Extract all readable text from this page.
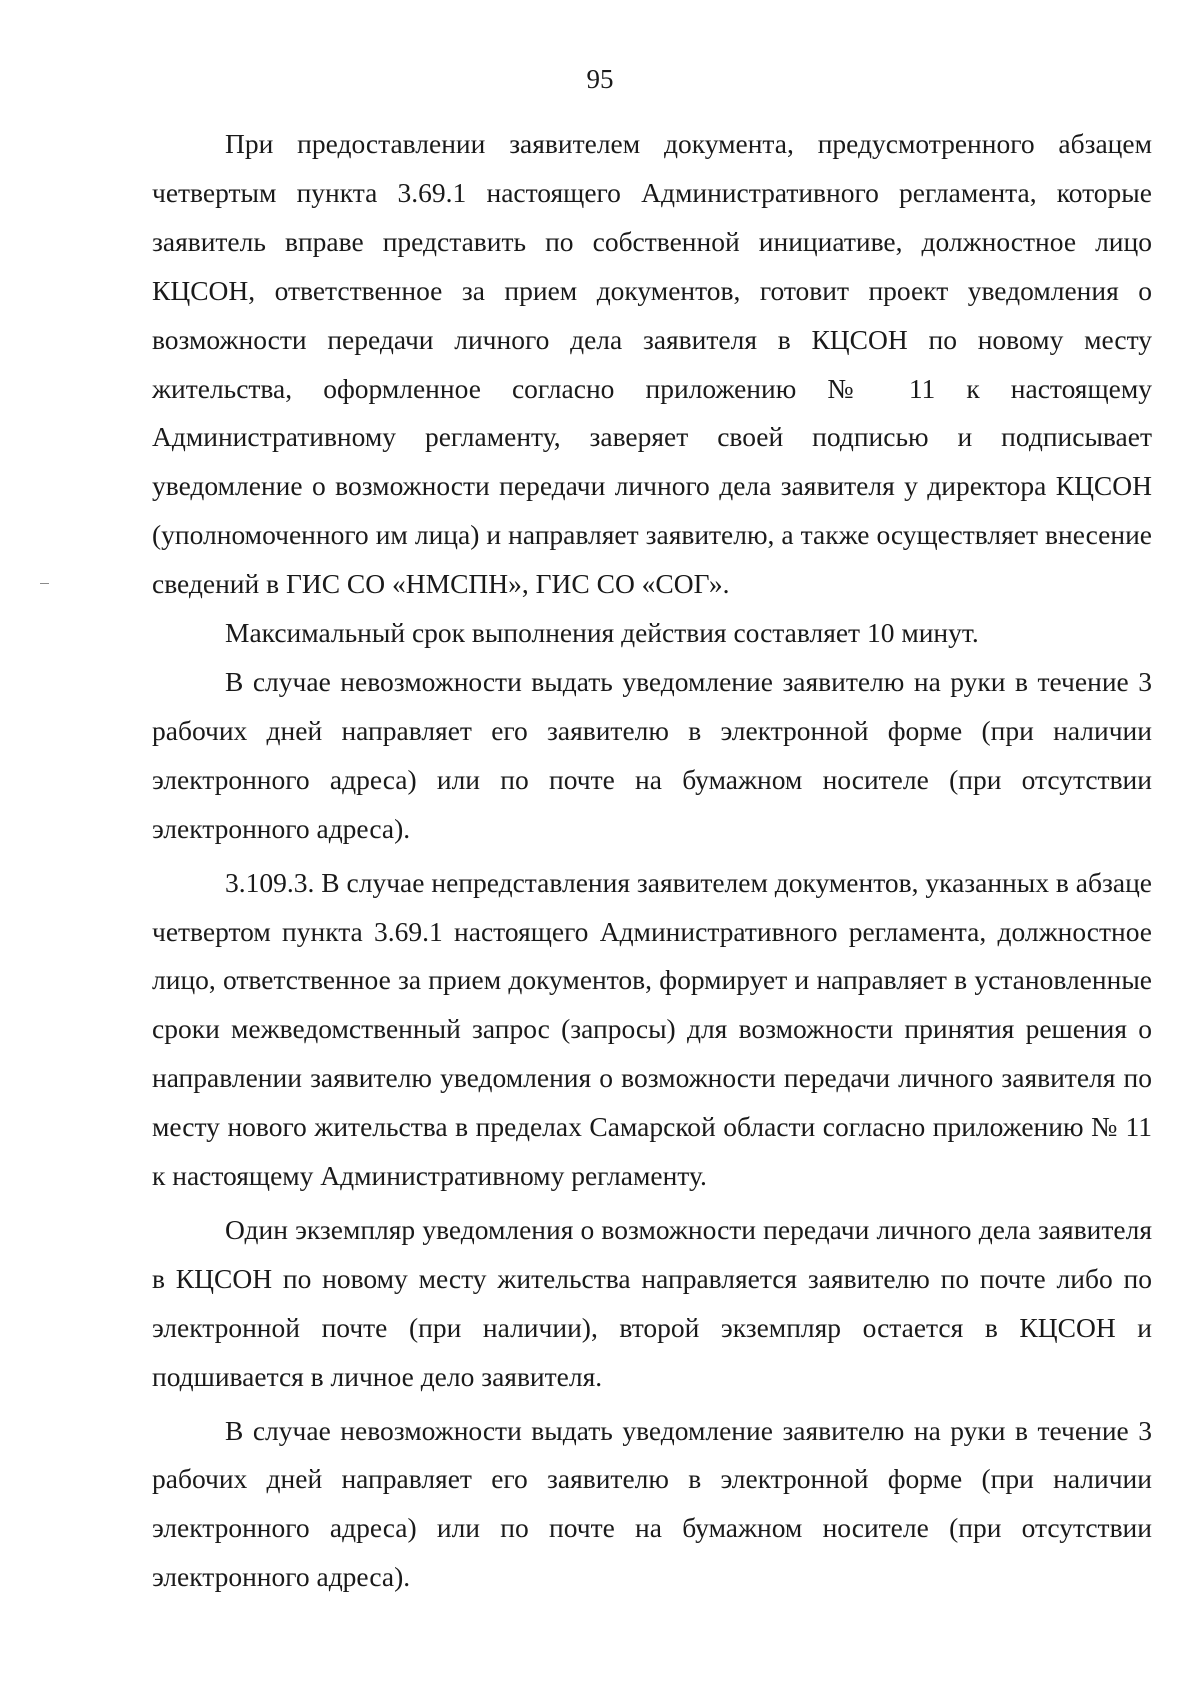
95

При предоставлении заявителем документа, предусмотренного абзацем четвертым пункта 3.69.1 настоящего Административного регламента, которые заявитель вправе представить по собственной инициативе, должностное лицо КЦСОН, ответственное за прием документов, готовит проект уведомления о возможности передачи личного дела заявителя в КЦСОН по новому месту жительства, оформленное согласно приложению № 11 к настоящему Административному регламенту, заверяет своей подписью и подписывает уведомление о возможности передачи личного дела заявителя у директора КЦСОН (уполномоченного им лица) и направляет заявителю, а также осуществляет внесение сведений в ГИС СО «НМСПН», ГИС СО «СОГ».

Максимальный срок выполнения действия составляет 10 минут.

В случае невозможности выдать уведомление заявителю на руки в течение 3 рабочих дней направляет его заявителю в электронной форме (при наличии электронного адреса) или по почте на бумажном носителе (при отсутствии электронного адреса).

3.109.3. В случае непредставления заявителем документов, указанных в абзаце четвертом пункта 3.69.1 настоящего Административного регламента, должностное лицо, ответственное за прием документов, формирует и направляет в установленные сроки межведомственный запрос (запросы) для возможности принятия решения о направлении заявителю уведомления о возможности передачи личного заявителя по месту нового жительства в пределах Самарской области согласно приложению № 11 к настоящему Административному регламенту.

Один экземпляр уведомления о возможности передачи личного дела заявителя в КЦСОН по новому месту жительства направляется заявителю по почте либо по электронной почте (при наличии), второй экземпляр остается в КЦСОН и подшивается в личное дело заявителя.

В случае невозможности выдать уведомление заявителю на руки в течение 3 рабочих дней направляет его заявителю в электронной форме (при наличии электронного адреса) или по почте на бумажном носителе (при отсутствии электронного адреса).
